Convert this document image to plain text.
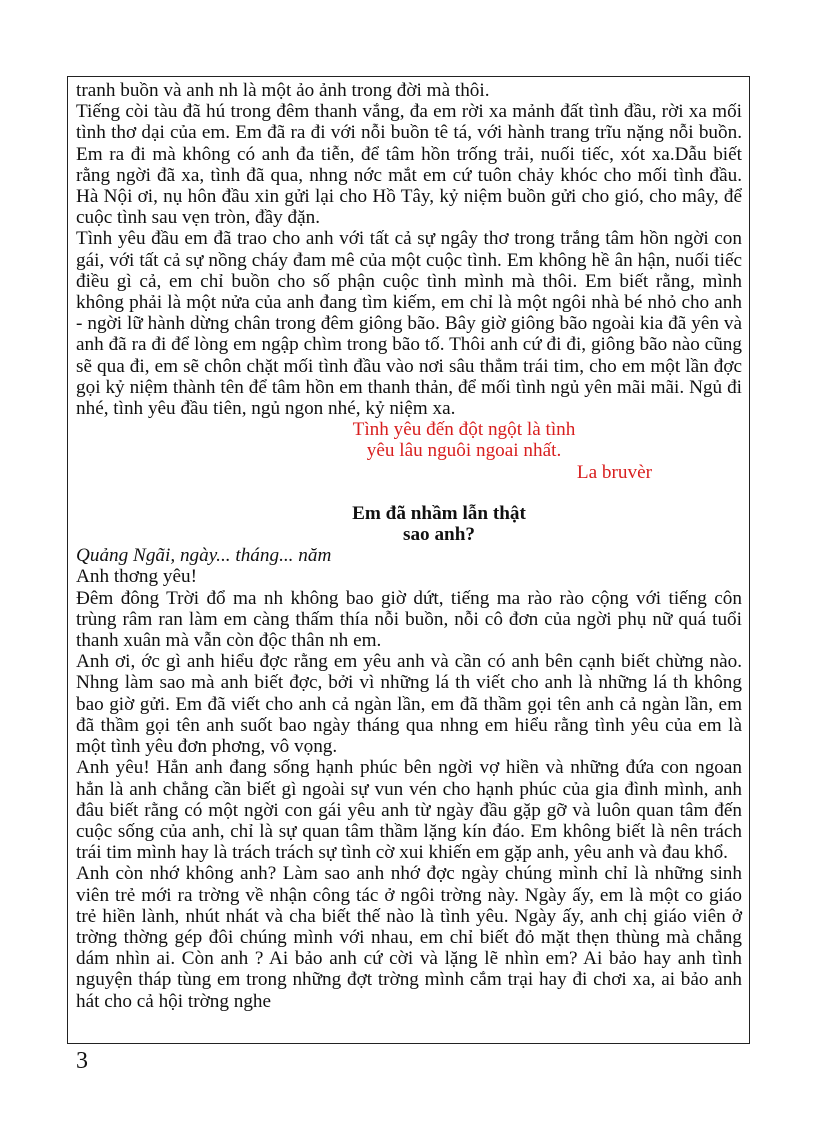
tranh buồn và anh nh là một ảo ảnh trong đời mà thôi.

Tiếng còi tàu đã hú trong đêm thanh vắng, đa em rời xa mảnh đất tình đầu, rời xa mối tình thơ dại của em. Em đã ra đi với nỗi buồn tê tá, với hành trang trĩu nặng nỗi buồn. Em ra đi mà không có anh đa tiễn, để tâm hồn trống trải, nuối tiếc, xót xa.Dẫu biết rằng ngời đã xa, tình đã qua, nhng nớc mắt em cứ tuôn chảy khóc cho mối tình đầu. Hà Nội ơi, nụ hôn đầu xin gửi lại cho Hồ Tây, kỷ niệm buồn gửi cho gió, cho mây, để cuộc tình sau vẹn tròn, đầy đặn.

Tình yêu đầu em đã trao cho anh với tất cả sự ngây thơ trong trắng tâm hồn ngời con gái, với tất cả sự nồng cháy đam mê của một cuộc tình. Em không hề ân hận, nuối tiếc điều gì cả, em chỉ buồn cho số phận cuộc tình mình mà thôi. Em biết rằng, mình không phải là một nửa của anh đang tìm kiếm, em chỉ là một ngôi nhà bé nhỏ cho anh - ngời lữ hành dừng chân trong đêm giông bão. Bây giờ giông bão ngoài kia đã yên và anh đã ra đi để lòng em ngập chìm trong bão tố. Thôi anh cứ đi đi, giông bão nào cũng sẽ qua đi, em sẽ chôn chặt mối tình đầu vào nơi sâu thẳm trái tim, cho em một lần đợc gọi kỷ niệm thành tên để tâm hồn em thanh thản, để mối tình ngủ yên mãi mãi. Ngủ đi nhé, tình yêu đầu tiên, ngủ ngon nhé, kỷ niệm xa.

Tình yêu đến đột ngột là tình
yêu lâu nguôi ngoai nhất.
La bruvèr
Em đã nhầm lẫn thật
sao anh?

Quảng Ngãi, ngày... tháng... năm

Anh thơng yêu!

Đêm đông Trời đổ ma nh không bao giờ dứt, tiếng ma rào rào cộng với tiếng côn trùng râm ran làm em càng thấm thía nỗi buồn, nỗi cô đơn của ngời phụ nữ quá tuổi thanh xuân mà vẫn còn độc thân nh em.

Anh ơi, ớc gì anh hiểu đợc rằng em yêu anh và cần có anh bên cạnh biết chừng nào. Nhng làm sao mà anh biết đợc, bởi vì những lá th viết cho anh là những lá th không bao giờ gửi. Em đã viết cho anh cả ngàn lần, em đã thầm gọi tên anh cả ngàn lần, em đã thầm gọi tên anh suốt bao ngày tháng qua nhng em hiểu rằng tình yêu của em là một tình yêu đơn phơng, vô vọng.

Anh yêu! Hẳn anh đang sống hạnh phúc bên ngời vợ hiền và những đứa con ngoan hẳn là anh chẳng cần biết gì ngoài sự vun vén cho hạnh phúc của gia đình mình, anh đâu biết rằng có một ngời con gái yêu anh từ ngày đầu gặp gỡ và luôn quan tâm đến cuộc sống của anh, chỉ là sự quan tâm thầm lặng kín đáo. Em không biết là nên trách trái tim mình hay là trách trách sự tình cờ xui khiến em gặp anh, yêu anh và đau khổ.

Anh còn nhớ không anh? Làm sao anh nhớ đợc ngày chúng mình chỉ là những sinh viên trẻ mới ra trờng về nhận công tác ở ngôi trờng này. Ngày ấy, em là một co giáo trẻ hiền lành, nhút nhát và cha biết thế nào là tình yêu. Ngày ấy, anh chị giáo viên ở trờng thờng gép đôi chúng mình với nhau, em chỉ biết đỏ mặt thẹn thùng mà chẳng dám nhìn ai. Còn anh ? Ai bảo anh cứ cời và lặng lẽ nhìn em? Ai bảo hay anh tình nguyện tháp tùng em trong những đợt trờng mình cắm trại hay đi chơi xa, ai bảo anh hát cho cả hội trờng nghe

3
